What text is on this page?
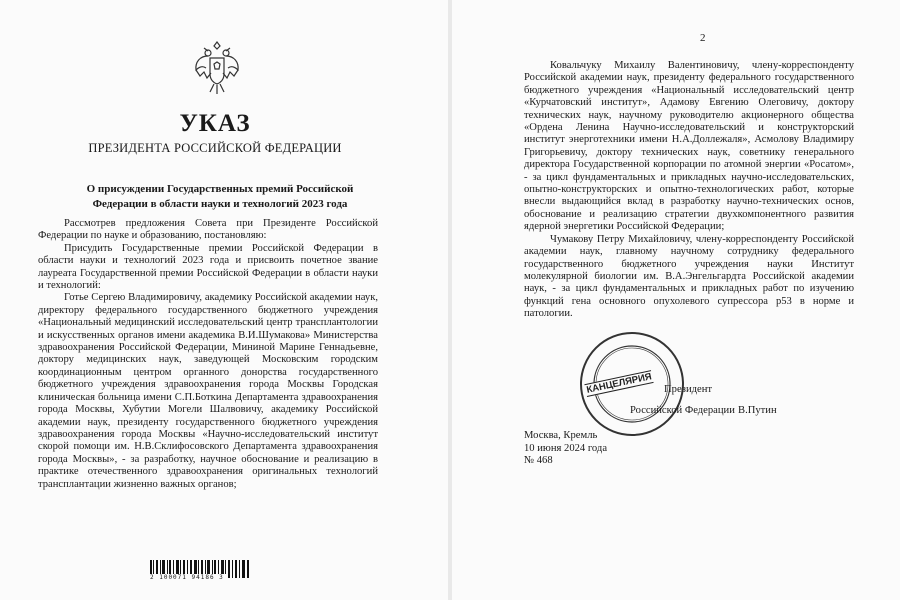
УКАЗ
ПРЕЗИДЕНТА РОССИЙСКОЙ ФЕДЕРАЦИИ
О присуждении Государственных премий Российской
Федерации в области науки и технологий 2023 года

Рассмотрев предложения Совета при Президенте Российской Федерации по науке и образованию, постановляю:

Присудить Государственные премии Российской Федерации в области науки и технологий 2023 года и присвоить почетное звание лауреата Государственной премии Российской Федерации в области науки и технологий:

Готье Сергею Владимировичу, академику Российской академии наук, директору федерального государственного бюджетного учреждения «Национальный медицинский исследовательский центр трансплантологии и искусственных органов имени академика В.И.Шумакова» Министерства здравоохранения Российской Федерации, Мининой Марине Геннадьевне, доктору медицинских наук, заведующей Московским городским координационным центром органного донорства государственного бюджетного учреждения здравоохранения города Москвы Городская клиническая больница имени С.П.Боткина Департамента здравоохранения города Москвы, Хубутии Могели Шалвовичу, академику Российской академии наук, президенту государственного бюджетного учреждения здравоохранения города Москвы «Научно-исследовательский институт скорой помощи им. Н.В.Склифосовского Департамента здравоохранения города Москвы», - за разработку, научное обоснование и реализацию в практике отечественного здравоохранения оригинальных технологий трансплантации жизненно важных органов;

2 100071 94186 3
2

Ковальчуку Михаилу Валентиновичу, члену-корреспонденту Российской академии наук, президенту федерального государственного бюджетного учреждения «Национальный исследовательский центр «Курчатовский институт», Адамову Евгению Олеговичу, доктору технических наук, научному руководителю акционерного общества «Ордена Ленина Научно-исследовательский и конструкторский институт энерготехники имени Н.А.Доллежаля», Асмолову Владимиру Григорьевичу, доктору технических наук, советнику генерального директора Государственной корпорации по атомной энергии «Росатом», - за цикл фундаментальных и прикладных научно-исследовательских, опытно-конструкторских и опытно-технологических работ, которые внесли выдающийся вклад в разработку научно-технических основ, обоснование и реализацию стратегии двухкомпонентного развития ядерной энергетики Российской Федерации;

Чумакову Петру Михайловичу, члену-корреспонденту Российской академии наук, главному научному сотруднику федерального государственного бюджетного учреждения науки Институт молекулярной биологии им. В.А.Энгельгардта Российской академии наук, - за цикл фундаментальных и прикладных работ по изучению функций гена основного опухолевого супрессора p53 в норме и патологии.

КАНЦЕЛЯРИЯ Президент
Российской Федерации В.Путин
Москва, Кремль
10 июня 2024 года
№ 468
